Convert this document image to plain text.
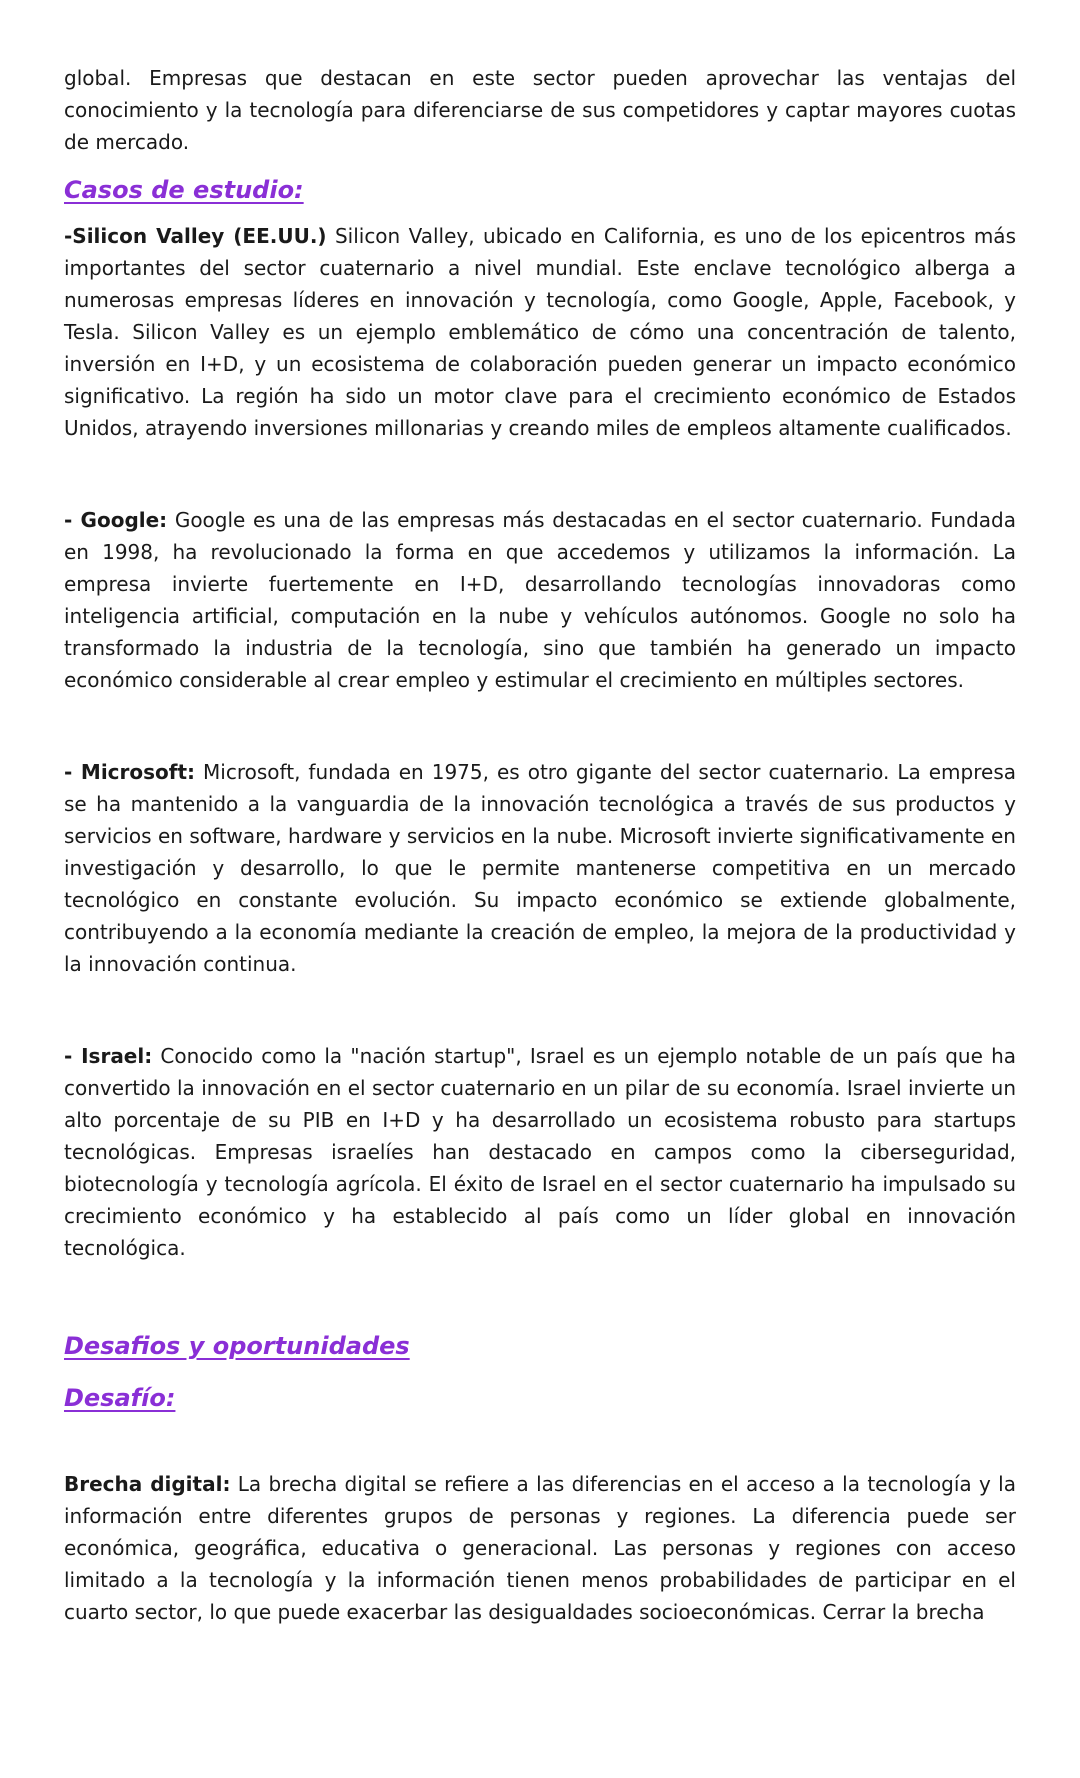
global. Empresas que destacan en este sector pueden aprovechar las ventajas del conocimiento y la tecnología para diferenciarse de sus competidores y captar mayores cuotas de mercado.

Casos de estudio:

-Silicon Valley (EE.UU.) Silicon Valley, ubicado en California, es uno de los epicentros más importantes del sector cuaternario a nivel mundial. Este enclave tecnológico alberga a numerosas empresas líderes en innovación y tecnología, como Google, Apple, Facebook, y Tesla. Silicon Valley es un ejemplo emblemático de cómo una concentración de talento, inversión en I+D, y un ecosistema de colaboración pueden generar un impacto económico significativo. La región ha sido un motor clave para el crecimiento económico de Estados Unidos, atrayendo inversiones millonarias y creando miles de empleos altamente cualificados.

- Google: Google es una de las empresas más destacadas en el sector cuaternario. Fundada en 1998, ha revolucionado la forma en que accedemos y utilizamos la información. La empresa invierte fuertemente en I+D, desarrollando tecnologías innovadoras como inteligencia artificial, computación en la nube y vehículos autónomos. Google no solo ha transformado la industria de la tecnología, sino que también ha generado un impacto económico considerable al crear empleo y estimular el crecimiento en múltiples sectores.

- Microsoft: Microsoft, fundada en 1975, es otro gigante del sector cuaternario. La empresa se ha mantenido a la vanguardia de la innovación tecnológica a través de sus productos y servicios en software, hardware y servicios en la nube. Microsoft invierte significativamente en investigación y desarrollo, lo que le permite mantenerse competitiva en un mercado tecnológico en constante evolución. Su impacto económico se extiende globalmente, contribuyendo a la economía mediante la creación de empleo, la mejora de la productividad y la innovación continua.

- Israel: Conocido como la "nación startup", Israel es un ejemplo notable de un país que ha convertido la innovación en el sector cuaternario en un pilar de su economía. Israel invierte un alto porcentaje de su PIB en I+D y ha desarrollado un ecosistema robusto para startups tecnológicas. Empresas israelíes han destacado en campos como la ciberseguridad, biotecnología y tecnología agrícola. El éxito de Israel en el sector cuaternario ha impulsado su crecimiento económico y ha establecido al país como un líder global en innovación tecnológica.

Desafios y oportunidades
Desafío:

Brecha digital: La brecha digital se refiere a las diferencias en el acceso a la tecnología y la información entre diferentes grupos de personas y regiones. La diferencia puede ser económica, geográfica, educativa o generacional. Las personas y regiones con acceso limitado a la tecnología y la información tienen menos probabilidades de participar en el cuarto sector, lo que puede exacerbar las desigualdades socioeconómicas. Cerrar la brecha
